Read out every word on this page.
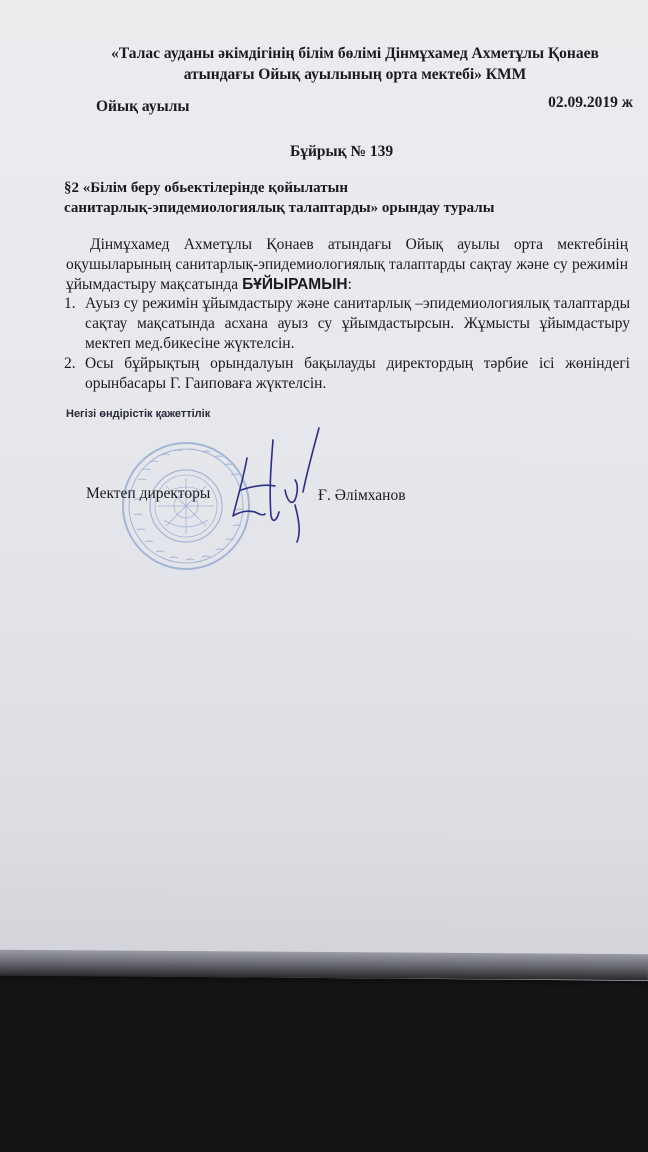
«Талас ауданы әкімдігінің білім бөлімі Дінмұхамед Ахметұлы Қонаев
атындағы Ойық ауылының орта мектебі» КММ
Ойық ауылы	02.09.2019 ж
Бұйрық № 139
§2 «Білім беру обьектілерінде қойылатын
санитарлық-эпидемиологиялық талаптарды» орындау туралы
Дінмұхамед Ахметұлы Қонаев атындағы Ойық ауылы орта мектебінің оқушыларының санитарлық-эпидемиологиялық талаптарды сақтау және су режимін ұйымдастыру мақсатында БҰЙЫРАМЫН:
1. Ауыз су режимін ұйымдастыру және санитарлық –эпидемиологиялық талаптарды сақтау мақсатында асхана ауыз су ұйымдастырсын. Жұмысты ұйымдастыру мектеп мед.бикесіне жүктелсін.
2. Осы бұйрықтың орындалуын бақылауды директордың тәрбие ісі жөніндегі орынбасары Г. Гаиповаға жүктелсін.
Негізі өндірістік қажеттілік
Мектеп директоры	Ғ. Әлімханов
